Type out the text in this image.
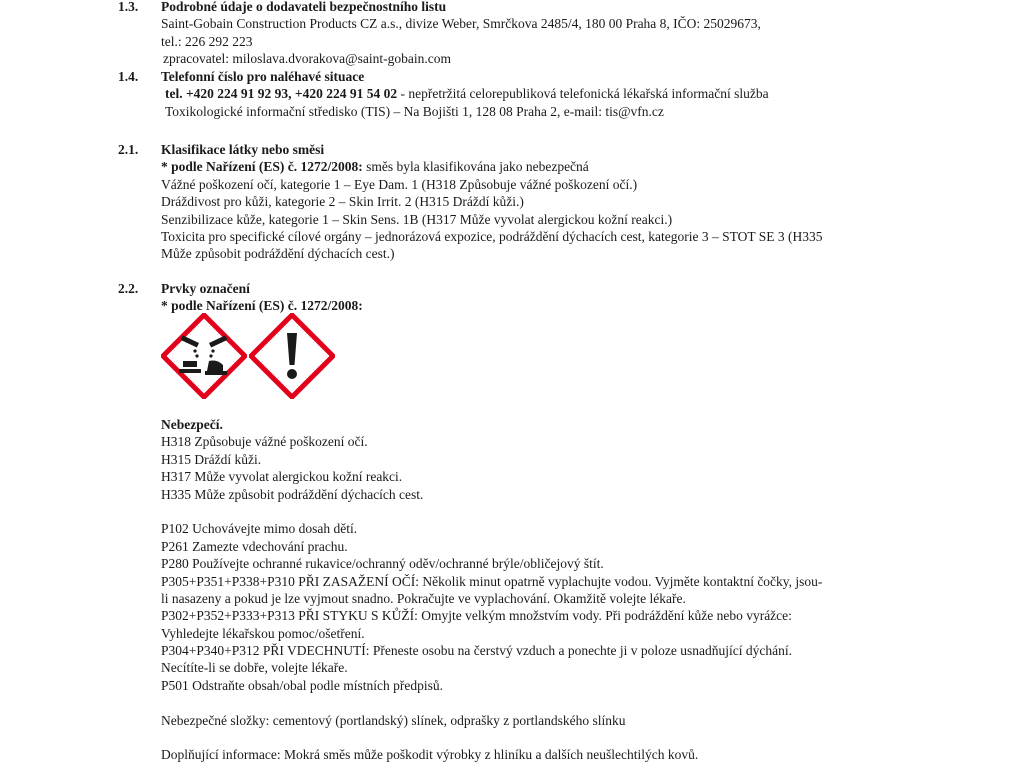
1.3. Podrobné údaje o dodavateli bezpečnostního listu
Saint-Gobain Construction Products CZ a.s., divize Weber, Smrčkova 2485/4, 180 00 Praha 8, IČO: 25029673,
tel.: 226 292 223
zpracovatel: miloslava.dvorakova@saint-gobain.com
1.4. Telefonní číslo pro naléhavé situace
tel. +420 224 91 92 93, +420 224 91 54 02 - nepřetržitá celorepubliková telefonická lékařská informační služba
Toxikologické informační středisko (TIS) – Na Bojišti 1, 128 08 Praha 2, e-mail: tis@vfn.cz
2.1. Klasifikace látky nebo směsi
* podle Nařízení (ES) č. 1272/2008: směs byla klasifikována jako nebezpečná
Vážné poškození očí, kategorie 1 – Eye Dam. 1 (H318 Způsobuje vážné poškození očí.)
Dráždivost pro kůži, kategorie 2 – Skin Irrit. 2 (H315 Dráždí kůži.)
Senzibilizace kůže, kategorie 1 – Skin Sens. 1B (H317 Může vyvolat alergickou kožní reakci.)
Toxicita pro specifické cílové orgány – jednorázová expozice, podráždění dýchacích cest, kategorie 3 – STOT SE 3 (H335
Může způsobit podráždění dýchacích cest.)
2.2. Prvky označení
* podle Nařízení (ES) č. 1272/2008:
Nebezpečí.
H318 Způsobuje vážné poškození očí.
H315 Dráždí kůži.
H317 Může vyvolat alergickou kožní reakci.
H335 Může způsobit podráždění dýchacích cest.
P102 Uchovávejte mimo dosah dětí.
P261 Zamezte vdechování prachu.
P280 Používejte ochranné rukavice/ochranný oděv/ochranné brýle/obličejový štít.
P305+P351+P338+P310 PŘI ZASAŽENÍ OČÍ: Několik minut opatrně vyplachujte vodou. Vyjměte kontaktní čočky, jsou-
li nasazeny a pokud je lze vyjmout snadno. Pokračujte ve vyplachování. Okamžitě volejte lékaře.
P302+P352+P333+P313 PŘI STYKU S KŮŽÍ: Omyjte velkým množstvím vody. Při podráždění kůže nebo vyrážce:
Vyhledejte lékařskou pomoc/ošetření.
P304+P340+P312 PŘI VDECHNUTÍ: Přeneste osobu na čerstvý vzduch a ponechte ji v poloze usnadňující dýchání.
Necítíte-li se dobře, volejte lékaře.
P501 Odstraňte obsah/obal podle místních předpisů.
Nebezpečné složky: cementový (portlandský) slínek, odprašky z portlandského slínku
Doplňující informace: Mokrá směs může poškodit výrobky z hliníku a dalších neušlechtilých kovů.
